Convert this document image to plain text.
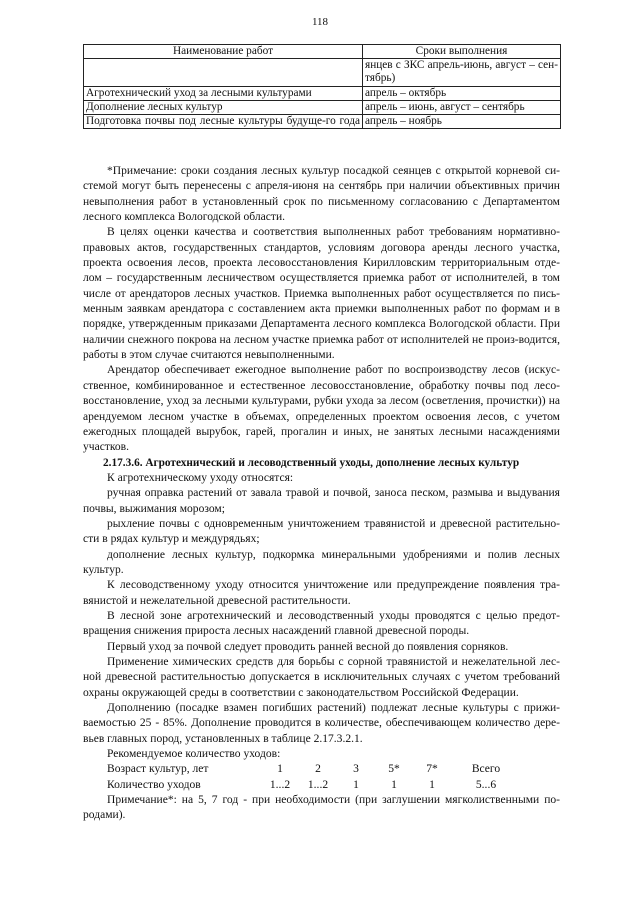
118
Наименование работ	Сроки выполнения
	янцев с ЗКС апрель-июнь, август – сен-тябрь)
Агротехнический уход за лесными культурами	апрель – октябрь
Дополнение лесных культур	апрель – июнь, август – сентябрь
Подготовка почвы под лесные культуры будуще-го года	апрель – ноябрь

*Примечание: сроки создания лесных культур посадкой сеянцев с открытой корневой си-стемой могут быть перенесены с апреля-июня на сентябрь при наличии объективных причин невыполнения работ в установленный срок по письменному согласованию с Департаментом лесного комплекса Вологодской области.

В целях оценки качества и соответствия выполненных работ требованиям нормативно-правовых актов, государственных стандартов, условиям договора аренды лесного участка, проекта освоения лесов, проекта лесовосстановления Кирилловским территориальным отде-лом – государственным лесничеством осуществляется приемка работ от исполнителей, в том числе от арендаторов лесных участков. Приемка выполненных работ осуществляется по пись-менным заявкам арендатора с составлением акта приемки выполненных работ по формам и в порядке, утвержденным приказами Департамента лесного комплекса Вологодской области. При наличии снежного покрова на лесном участке приемка работ от исполнителей не произ-водится, работы в этом случае считаются невыполненными.

Арендатор обеспечивает ежегодное выполнение работ по воспроизводству лесов (искус-ственное, комбинированное и естественное лесовосстановление, обработку почвы под лесо-восстановление, уход за лесными культурами, рубки ухода за лесом (осветления, прочистки)) на арендуемом лесном участке в объемах, определенных проектом освоения лесов, с учетом ежегодных площадей вырубок, гарей, прогалин и иных, не занятых лесными насаждениями участков.

2.17.3.6. Агротехнический и лесоводственный уходы, дополнение лесных культур

К агротехническому уходу относятся:

ручная оправка растений от завала травой и почвой, заноса песком, размыва и выдувания почвы, выжимания морозом;

рыхление почвы с одновременным уничтожением травянистой и древесной растительно-сти в рядах культур и междурядьях;

дополнение лесных культур, подкормка минеральными удобрениями и полив лесных культур.

К лесоводственному уходу относится уничтожение или предупреждение появления тра-вянистой и нежелательной древесной растительности.

В лесной зоне агротехнический и лесоводственный уходы проводятся с целью предот-вращения снижения прироста лесных насаждений главной древесной породы.

Первый уход за почвой следует проводить ранней весной до появления сорняков.

Применение химических средств для борьбы с сорной травянистой и нежелательной лес-ной древесной растительностью допускается в исключительных случаях с учетом требований охраны окружающей среды в соответствии с законодательством Российской Федерации.

Дополнению (посадке взамен погибших растений) подлежат лесные культуры с прижи-ваемостью 25 - 85%. Дополнение проводится в количестве, обеспечивающем количество дере-вьев главных пород, установленных в таблице 2.17.3.2.1.

Рекомендуемое количество уходов:

Возраст культур, лет	1	2	3	5*	7*	Всего
Количество уходов	1...2	1...2	1	1	1	5...6

Примечание*: на 5, 7 год - при необходимости (при заглушении мягколиственными по-родами).
